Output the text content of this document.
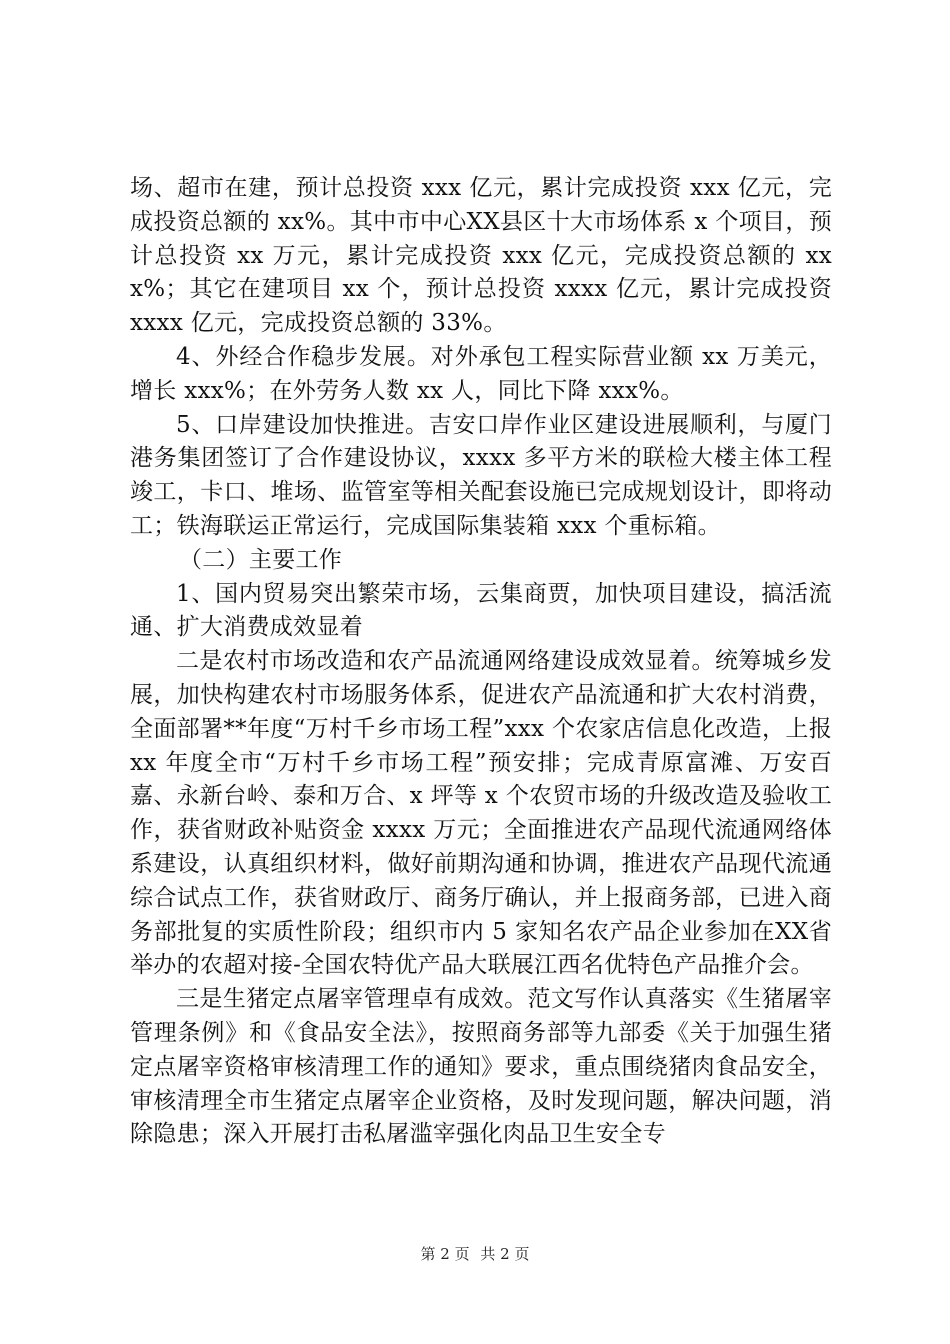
场、超市在建，预计总投资 xxx 亿元，累计完成投资 xxx 亿元，完成投资总额的 xx%。其中市中心XX县区十大市场体系 x 个项目，预计总投资 xx 万元，累计完成投资 xxx 亿元，完成投资总额的 xxx%；其它在建项目 xx 个，预计总投资 xxxx 亿元，累计完成投资 xxxx 亿元，完成投资总额的 33%。

4、外经合作稳步发展。对外承包工程实际营业额 xx 万美元，增长 xxx%；在外劳务人数 xx 人，同比下降 xxx%。

5、口岸建设加快推进。吉安口岸作业区建设进展顺利，与厦门港务集团签订了合作建设协议，xxxx 多平方米的联检大楼主体工程竣工，卡口、堆场、监管室等相关配套设施已完成规划设计，即将动工；铁海联运正常运行，完成国际集装箱 xxx 个重标箱。

（二）主要工作

1、国内贸易突出繁荣市场，云集商贾，加快项目建设，搞活流通、扩大消费成效显着

二是农村市场改造和农产品流通网络建设成效显着。统筹城乡发展，加快构建农村市场服务体系，促进农产品流通和扩大农村消费，全面部署**年度“万村千乡市场工程”xxx 个农家店信息化改造，上报 xx 年度全市“万村千乡市场工程”预安排；完成青原富滩、万安百嘉、永新台岭、泰和万合、x 坪等 x 个农贸市场的升级改造及验收工作，获省财政补贴资金 xxxx 万元；全面推进农产品现代流通网络体系建设，认真组织材料，做好前期沟通和协调，推进农产品现代流通综合试点工作，获省财政厅、商务厅确认，并上报商务部，已进入商务部批复的实质性阶段；组织市内 5 家知名农产品企业参加在XX省举办的农超对接-全国农特优产品大联展江西名优特色产品推介会。

三是生猪定点屠宰管理卓有成效。范文写作认真落实《生猪屠宰管理条例》和《食品安全法》，按照商务部等九部委《关于加强生猪定点屠宰资格审核清理工作的通知》要求，重点围绕猪肉食品安全，审核清理全市生猪定点屠宰企业资格，及时发现问题，解决问题，消除隐患；深入开展打击私屠滥宰强化肉品卫生安全专

第 2 页 共 2 页
